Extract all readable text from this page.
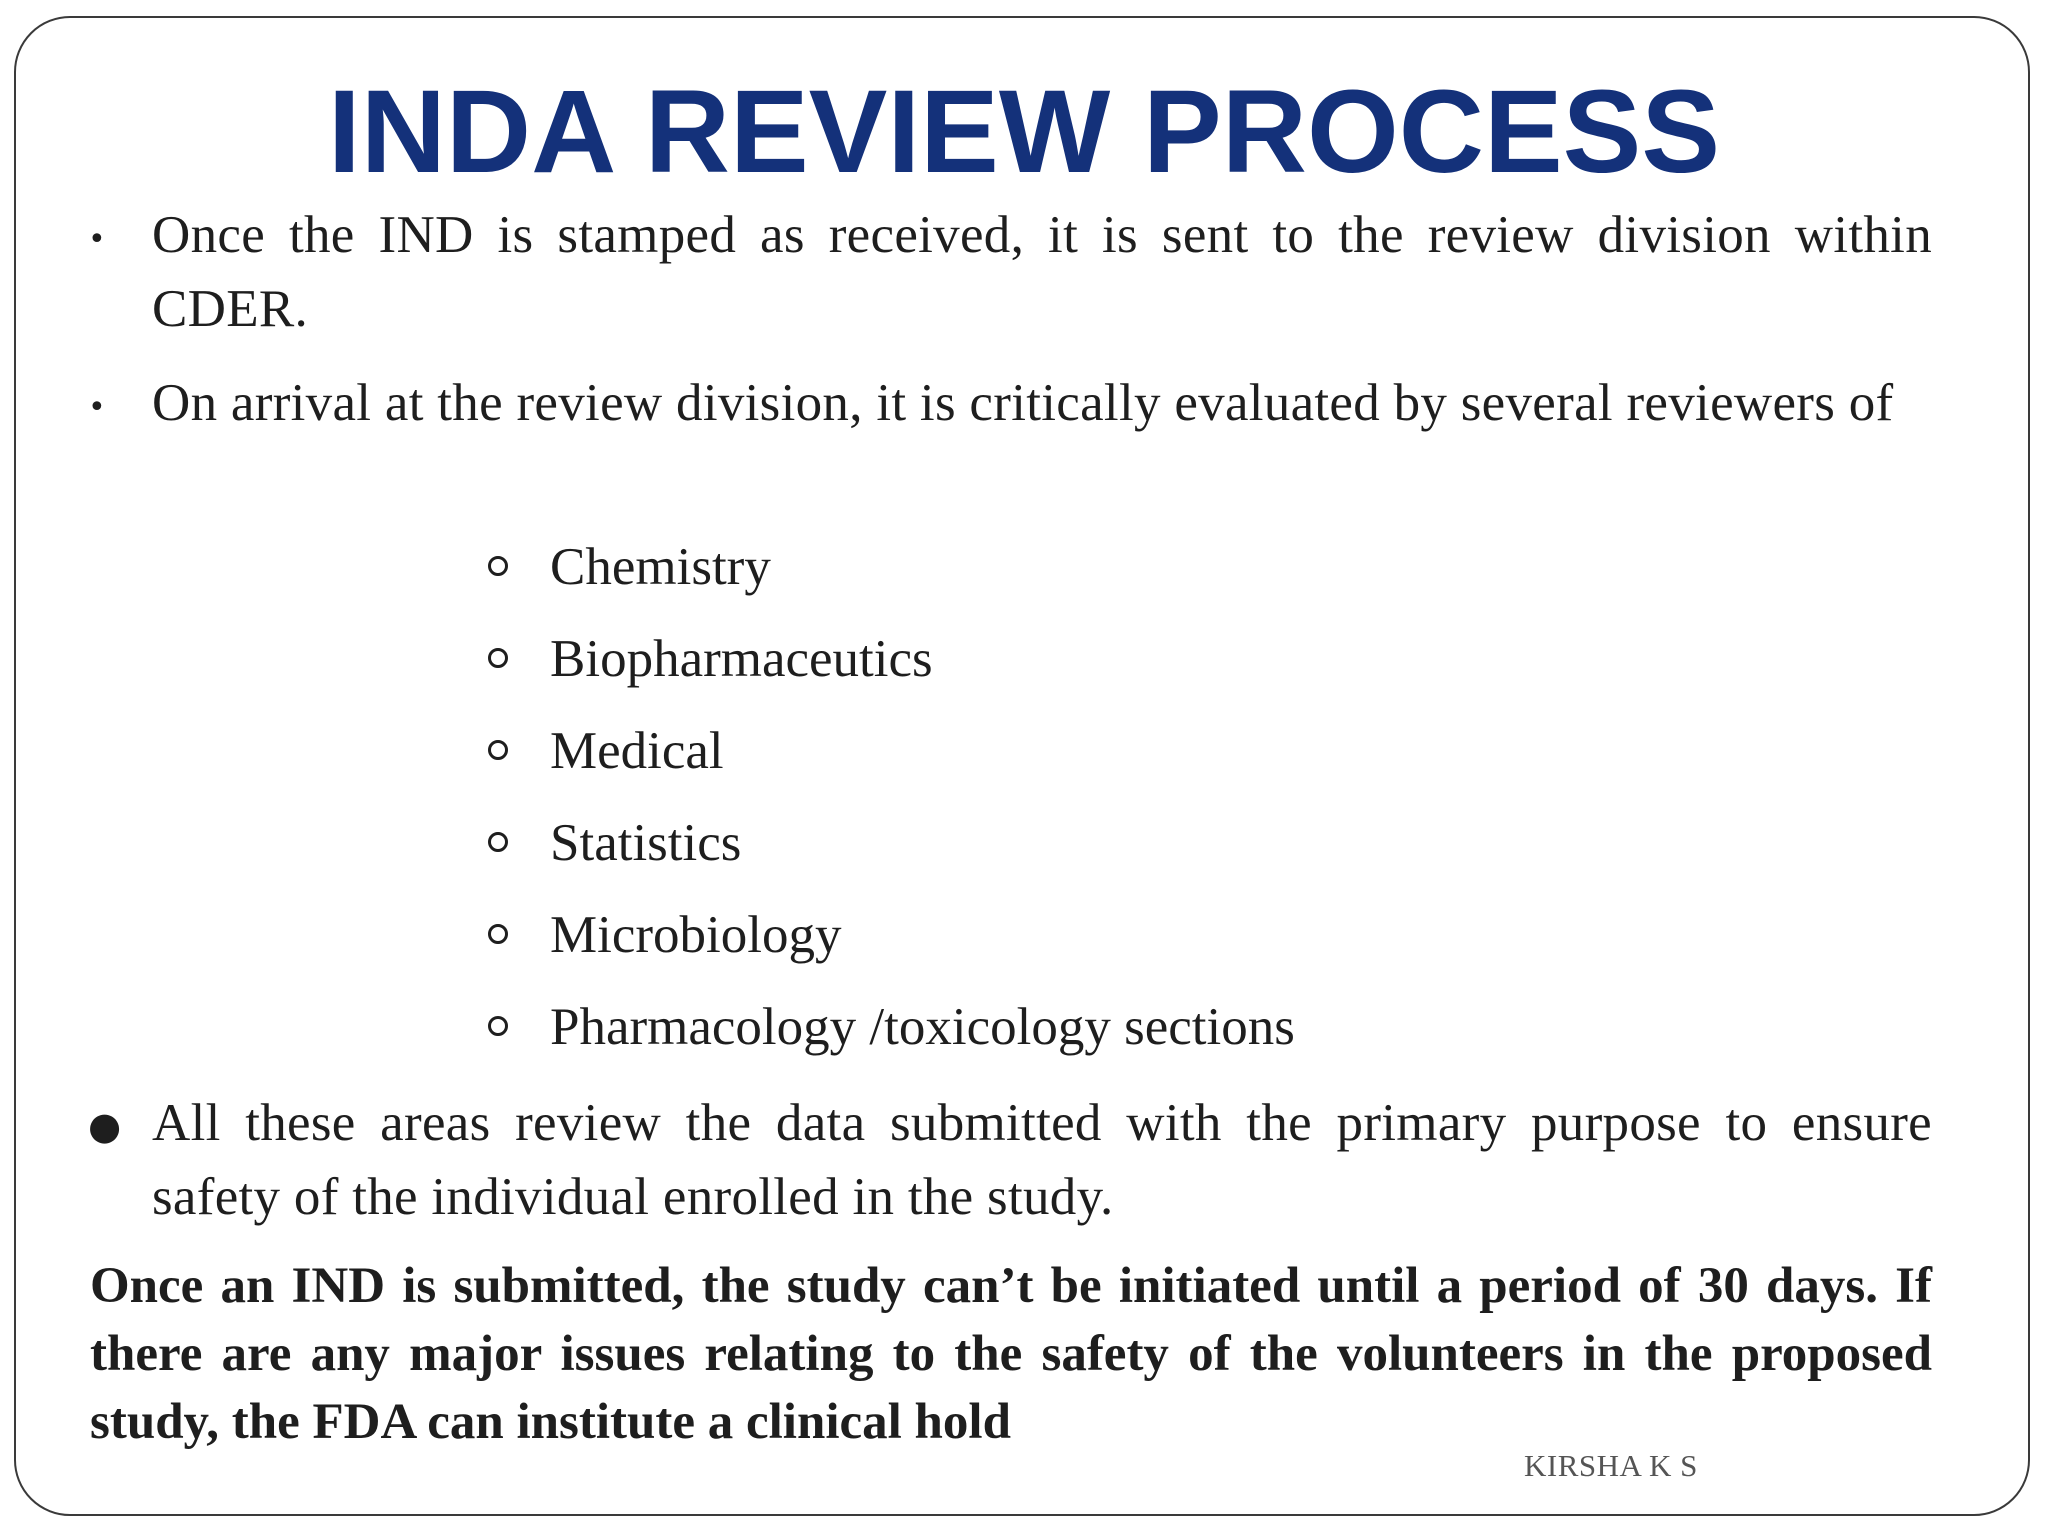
INDA REVIEW PROCESS
• Once the IND is stamped as received, it is sent to the review division within CDER.
• On arrival at the review division, it is critically evaluated by several reviewers of
● All these areas review the data submitted with the primary purpose to ensure safety of the individual enrolled in the study.
Chemistry
Biopharmaceutics
Medical
Statistics
Microbiology
Pharmacology /toxicology sections

Once an IND is submitted, the study can’t be initiated until a period of 30 days. If there are any major issues relating to the safety of the volunteers in the proposed study, the FDA can institute a clinical hold

KIRSHA K S
